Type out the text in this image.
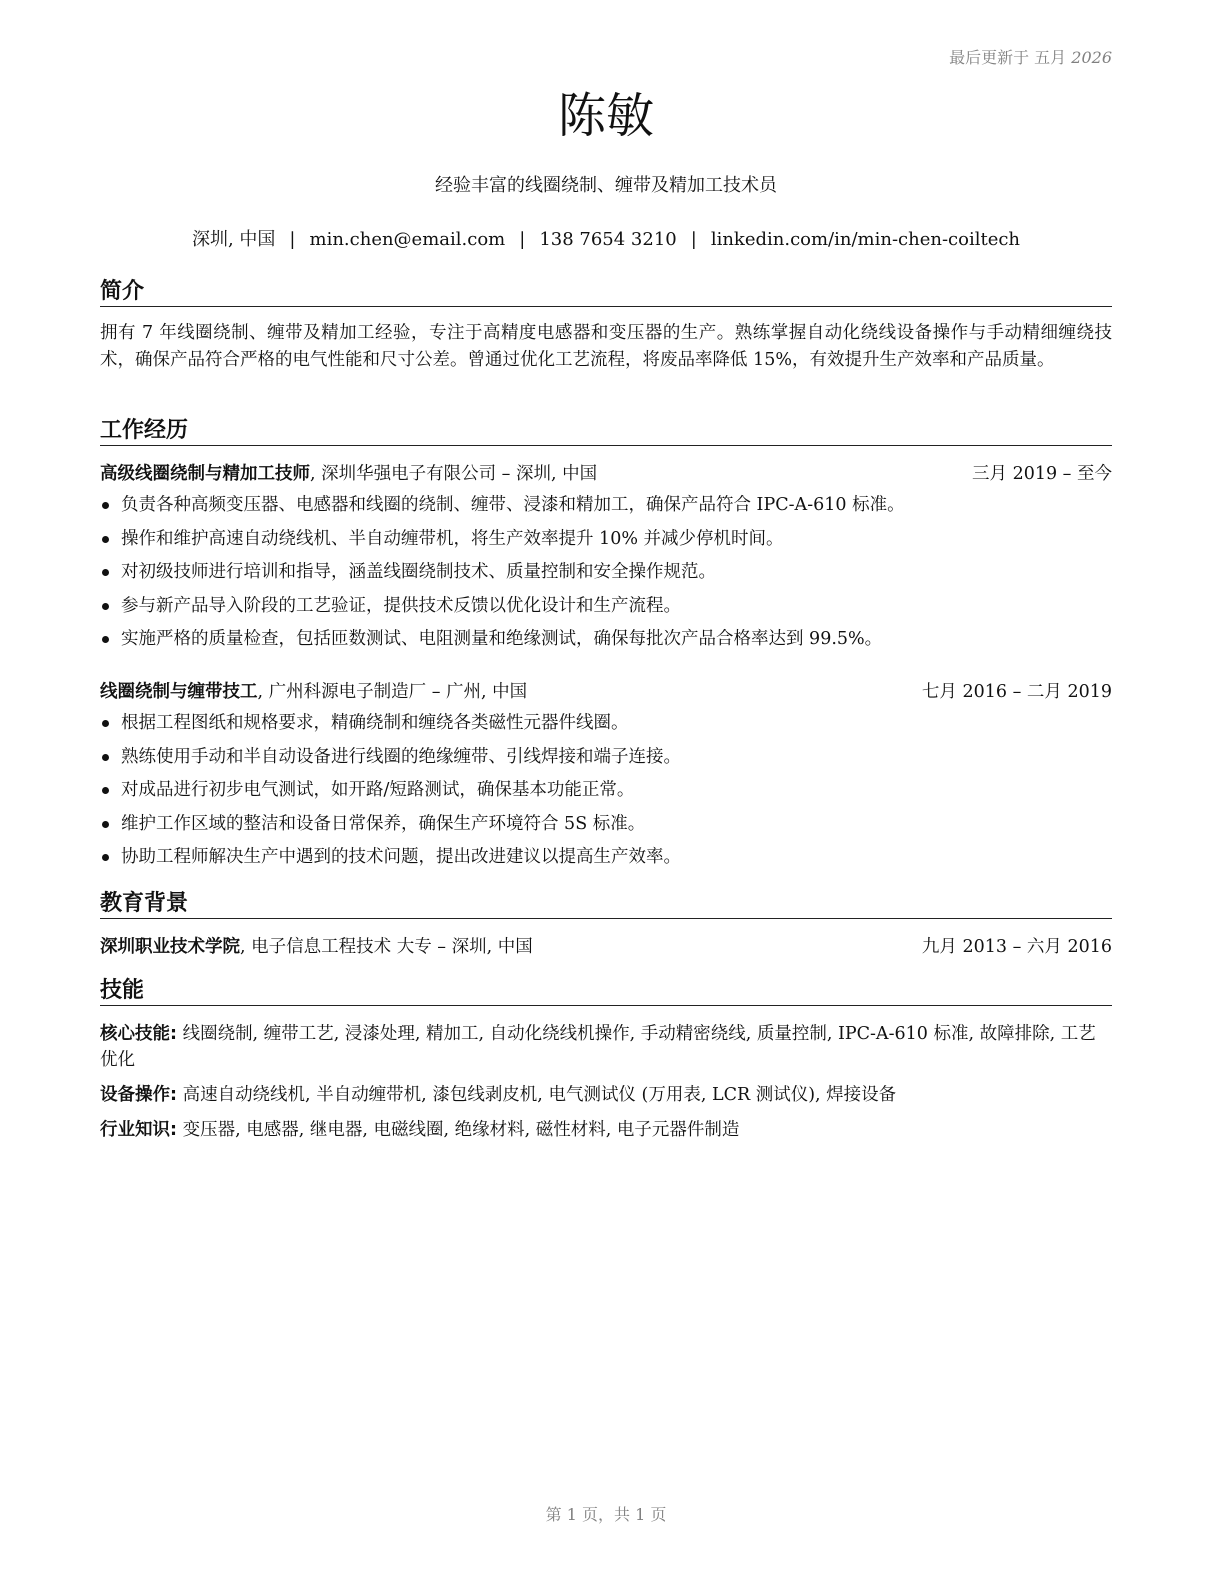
最后更新于 五月 2026
陈敏
经验丰富的线圈绕制、缠带及精加工技术员
深圳, 中国 | min.chen@email.com | 138 7654 3210 | linkedin.com/in/min-chen-coiltech
简介
拥有 7 年线圈绕制、缠带及精加工经验，专注于高精度电感器和变压器的生产。熟练掌握自动化绕线设备操作与手动精细缠绕技术，确保产品符合严格的电气性能和尺寸公差。曾通过优化工艺流程，将废品率降低 15%，有效提升生产效率和产品质量。
工作经历
高级线圈绕制与精加工技师, 深圳华强电子有限公司 – 深圳, 中国	三月 2019 – 至今
负责各种高频变压器、电感器和线圈的绕制、缠带、浸漆和精加工，确保产品符合 IPC-A-610 标准。
操作和维护高速自动绕线机、半自动缠带机，将生产效率提升 10% 并减少停机时间。
对初级技师进行培训和指导，涵盖线圈绕制技术、质量控制和安全操作规范。
参与新产品导入阶段的工艺验证，提供技术反馈以优化设计和生产流程。
实施严格的质量检查，包括匝数测试、电阻测量和绝缘测试，确保每批次产品合格率达到 99.5%。
线圈绕制与缠带技工, 广州科源电子制造厂 – 广州, 中国	七月 2016 – 二月 2019
根据工程图纸和规格要求，精确绕制和缠绕各类磁性元器件线圈。
熟练使用手动和半自动设备进行线圈的绝缘缠带、引线焊接和端子连接。
对成品进行初步电气测试，如开路/短路测试，确保基本功能正常。
维护工作区域的整洁和设备日常保养，确保生产环境符合 5S 标准。
协助工程师解决生产中遇到的技术问题，提出改进建议以提高生产效率。
教育背景
深圳职业技术学院, 电子信息工程技术 大专 – 深圳, 中国	九月 2013 – 六月 2016
技能
核心技能: 线圈绕制, 缠带工艺, 浸漆处理, 精加工, 自动化绕线机操作, 手动精密绕线, 质量控制, IPC-A-610 标准, 故障排除, 工艺优化
设备操作: 高速自动绕线机, 半自动缠带机, 漆包线剥皮机, 电气测试仪 (万用表, LCR 测试仪), 焊接设备
行业知识: 变压器, 电感器, 继电器, 电磁线圈, 绝缘材料, 磁性材料, 电子元器件制造
第 1 页，共 1 页
